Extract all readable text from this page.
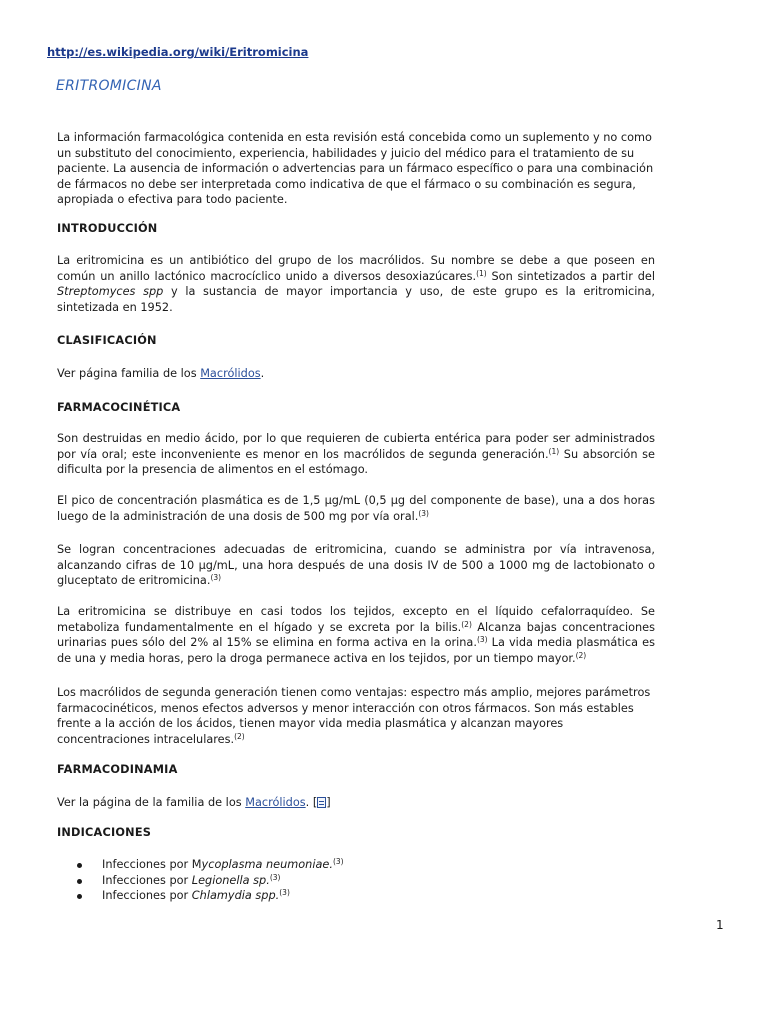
http://es.wikipedia.org/wiki/Eritromicina
ERITROMICINA
La información farmacológica contenida en esta revisión está concebida como un suplemento y no como un substituto del conocimiento, experiencia, habilidades y juicio del médico para el tratamiento de su paciente. La ausencia de información o advertencias para un fármaco específico o para una combinación de fármacos no debe ser interpretada como indicativa de que el fármaco o su combinación es segura, apropiada o efectiva para todo paciente.
INTRODUCCIÓN
La eritromicina es un antibiótico del grupo de los macrólidos. Su nombre se debe a que poseen en común un anillo lactónico macrocíclico unido a diversos desoxiazúcares.$^{(1)}$ Son sintetizados a partir del Streptomyces spp y la sustancia de mayor importancia y uso, de este grupo es la eritromicina, sintetizada en 1952.
CLASIFICACIÓN
Ver página familia de los Macrólidos.
FARMACOCINÉTICA
Son destruidas en medio ácido, por lo que requieren de cubierta entérica para poder ser administrados por vía oral; este inconveniente es menor en los macrólidos de segunda generación.$^{(1)}$ Su absorción se dificulta por la presencia de alimentos en el estómago.
El pico de concentración plasmática es de 1,5 µg/mL (0,5 µg del componente de base), una a dos horas luego de la administración de una dosis de 500 mg por vía oral.$^{(3)}$
Se logran concentraciones adecuadas de eritromicina, cuando se administra por vía intravenosa, alcanzando cifras de 10 µg/mL, una hora después de una dosis IV de 500 a 1000 mg de lactobionato o gluceptato de eritromicina.$^{(3)}$
La eritromicina se distribuye en casi todos los tejidos, excepto en el líquido cefalorraquídeo. Se metaboliza fundamentalmente en el hígado y se excreta por la bilis.$^{(2)}$ Alcanza bajas concentraciones urinarias pues sólo del 2% al 15% se elimina en forma activa en la orina.$^{(3)}$ La vida media plasmática es de una y media horas, pero la droga permanece activa en los tejidos, por un tiempo mayor.$^{(2)}$
Los macrólidos de segunda generación tienen como ventajas: espectro más amplio, mejores parámetros farmacocinéticos, menos efectos adversos y menor interacción con otros fármacos. Son más estables frente a la acción de los ácidos, tienen mayor vida media plasmática y alcanzan mayores concentraciones intracelulares.$^{(2)}$
FARMACODINAMIA
Ver la página de la familia de los Macrólidos. [ ]
INDICACIONES
Infecciones por Mycoplasma neumoniae.$^{(3)}$
Infecciones por Legionella sp.$^{(3)}$
Infecciones por Chlamydia spp.$^{(3)}$
1
